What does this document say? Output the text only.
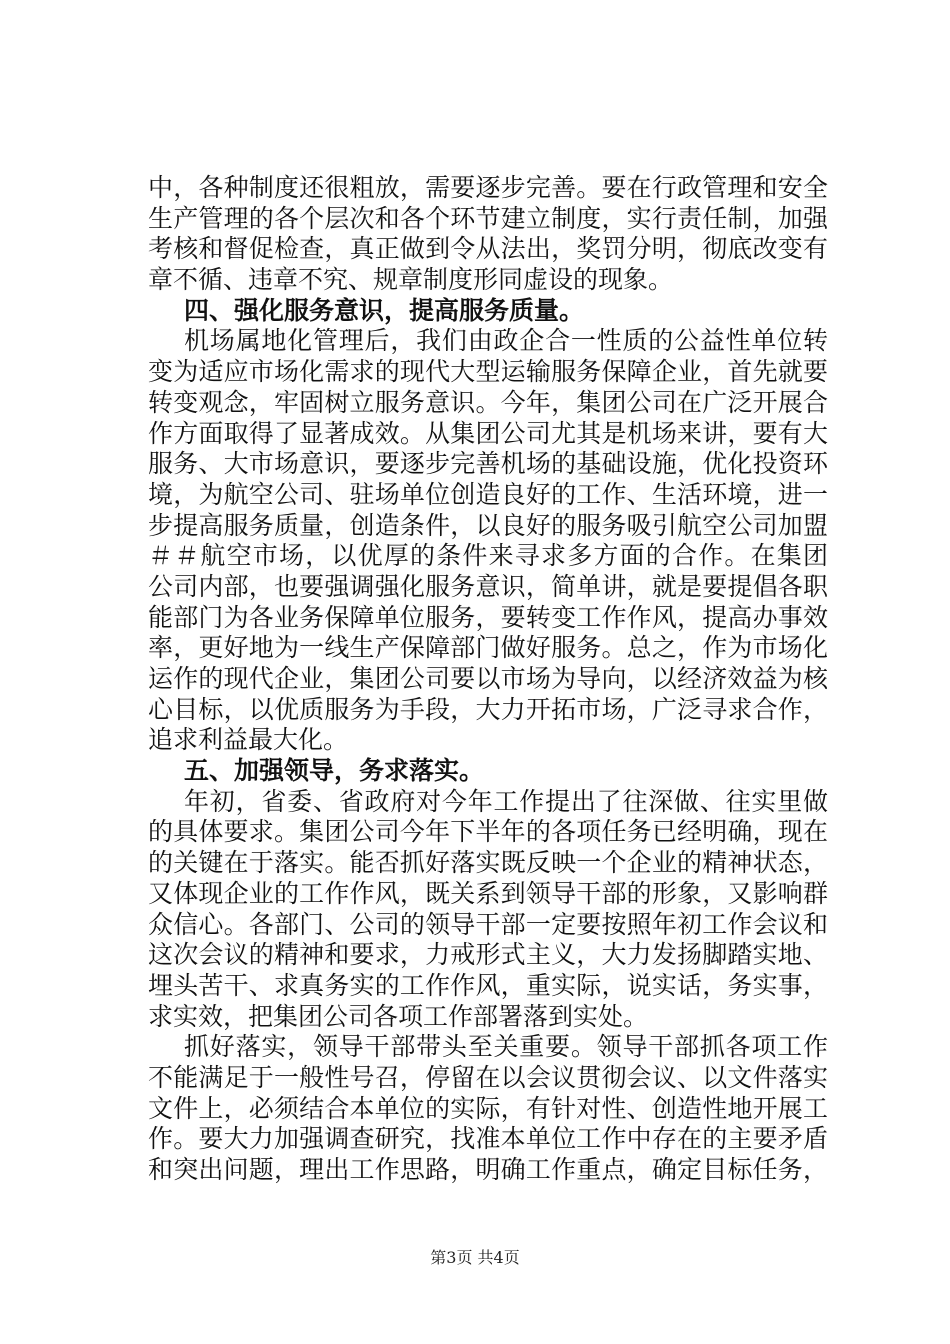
中，各种制度还很粗放，需要逐步完善。要在行政管理和安全
生产管理的各个层次和各个环节建立制度，实行责任制，加强
考核和督促检查，真正做到令从法出，奖罚分明，彻底改变有
章不循、违章不究、规章制度形同虚设的现象。
四、强化服务意识，提高服务质量。
机场属地化管理后，我们由政企合一性质的公益性单位转
变为适应市场化需求的现代大型运输服务保障企业，首先就要
转变观念，牢固树立服务意识。今年，集团公司在广泛开展合
作方面取得了显著成效。从集团公司尤其是机场来讲，要有大
服务、大市场意识，要逐步完善机场的基础设施，优化投资环
境，为航空公司、驻场单位创造良好的工作、生活环境，进一
步提高服务质量，创造条件，以良好的服务吸引航空公司加盟
＃＃航空市场，以优厚的条件来寻求多方面的合作。在集团
公司内部，也要强调强化服务意识，简单讲，就是要提倡各职
能部门为各业务保障单位服务，要转变工作作风，提高办事效
率，更好地为一线生产保障部门做好服务。总之，作为市场化
运作的现代企业，集团公司要以市场为导向，以经济效益为核
心目标，以优质服务为手段，大力开拓市场，广泛寻求合作，
追求利益最大化。
五、加强领导，务求落实。
年初，省委、省政府对今年工作提出了往深做、往实里做
的具体要求。集团公司今年下半年的各项任务已经明确，现在
的关键在于落实。能否抓好落实既反映一个企业的精神状态，
又体现企业的工作作风，既关系到领导干部的形象，又影响群
众信心。各部门、公司的领导干部一定要按照年初工作会议和
这次会议的精神和要求，力戒形式主义，大力发扬脚踏实地、
埋头苦干、求真务实的工作作风，重实际，说实话，务实事，
求实效，把集团公司各项工作部署落到实处。
抓好落实，领导干部带头至关重要。领导干部抓各项工作
不能满足于一般性号召，停留在以会议贯彻会议、以文件落实
文件上，必须结合本单位的实际，有针对性、创造性地开展工
作。要大力加强调查研究，找准本单位工作中存在的主要矛盾
和突出问题，理出工作思路，明确工作重点，确定目标任务，
第3页 共4页
